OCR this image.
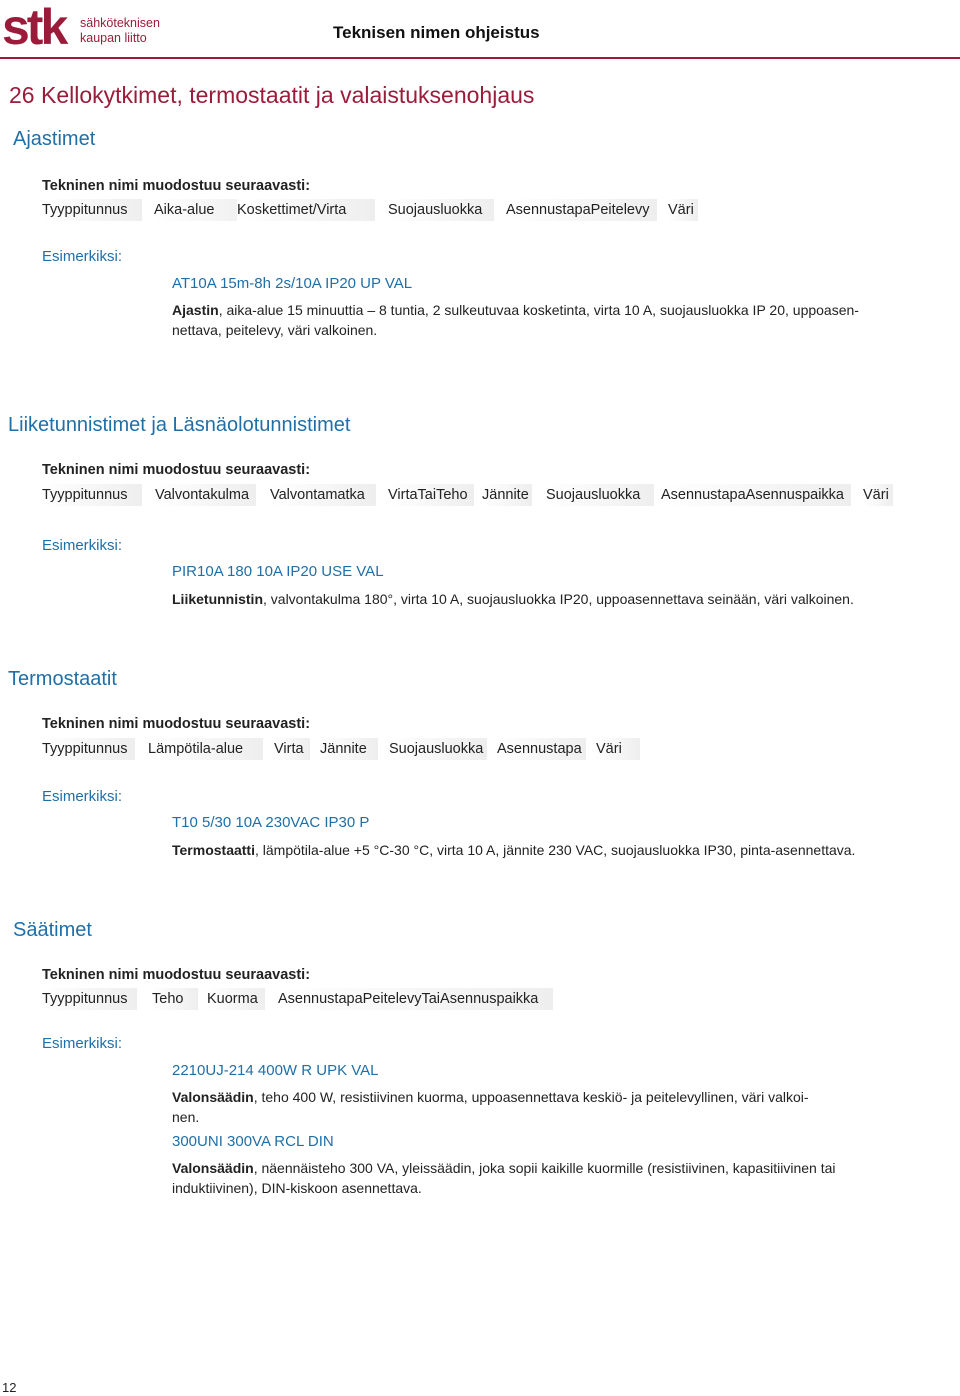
stk sähköteknisen
kaupan liitto	Teknisen nimen ohjeistus
26 Kellokytkimet, termostaatit ja valaistuksenohjaus
Ajastimet
Tekninen nimi muodostuu seuraavasti:
Tyyppitunnus	Aika-alue	Koskettimet/Virta	Suojausluokka	AsennustapaPeitelevy	Väri
Esimerkiksi:
AT10A 15m-8h 2s/10A IP20 UP VAL
Ajastin, aika-alue 15 minuuttia – 8 tuntia, 2 sulkeutuvaa kosketinta, virta 10 A, suojausluokka IP 20, uppoasen-
nettava, peitelevy, väri valkoinen.
Liiketunnistimet ja Läsnäolotunnistimet
Tekninen nimi muodostuu seuraavasti:
Tyyppitunnus	Valvontakulma	Valvontamatka	VirtaTaiTeho Jännite Suojausluokka	AsennustapaAsennuspaikka	Väri
Esimerkiksi:
PIR10A 180 10A IP20 USE VAL
Liiketunnistin, valvontakulma 180°, virta 10 A, suojausluokka IP20, uppoasennettava seinään, väri valkoinen.
Termostaatit
Tekninen nimi muodostuu seuraavasti:
Tyyppitunnus	Lämpötila-alue	Virta	Jännite	Suojausluokka Asennustapa Väri
Esimerkiksi:
T10 5/30 10A 230VAC IP30 P
Termostaatti, lämpötila-alue +5 °C-30 °C, virta 10 A, jännite 230 VAC, suojausluokka IP30, pinta-asennettava.
Säätimet
Tekninen nimi muodostuu seuraavasti:
Tyyppitunnus	Teho	Kuorma	AsennustapaPeitelevyTaiAsennuspaikka
Esimerkiksi:
2210UJ-214 400W R UPK VAL
Valonsäädin, teho 400 W, resistiivinen kuorma, uppoasennettava keskiö- ja peitelevyllinen, väri valkoi-
nen.
300UNI 300VA RCL DIN
Valonsäädin, näennäisteho 300 VA, yleissäädin, joka sopii kaikille kuormille (resistiivinen, kapasitiivinen tai
induktiivinen), DIN-kiskoon asennettava.
12
